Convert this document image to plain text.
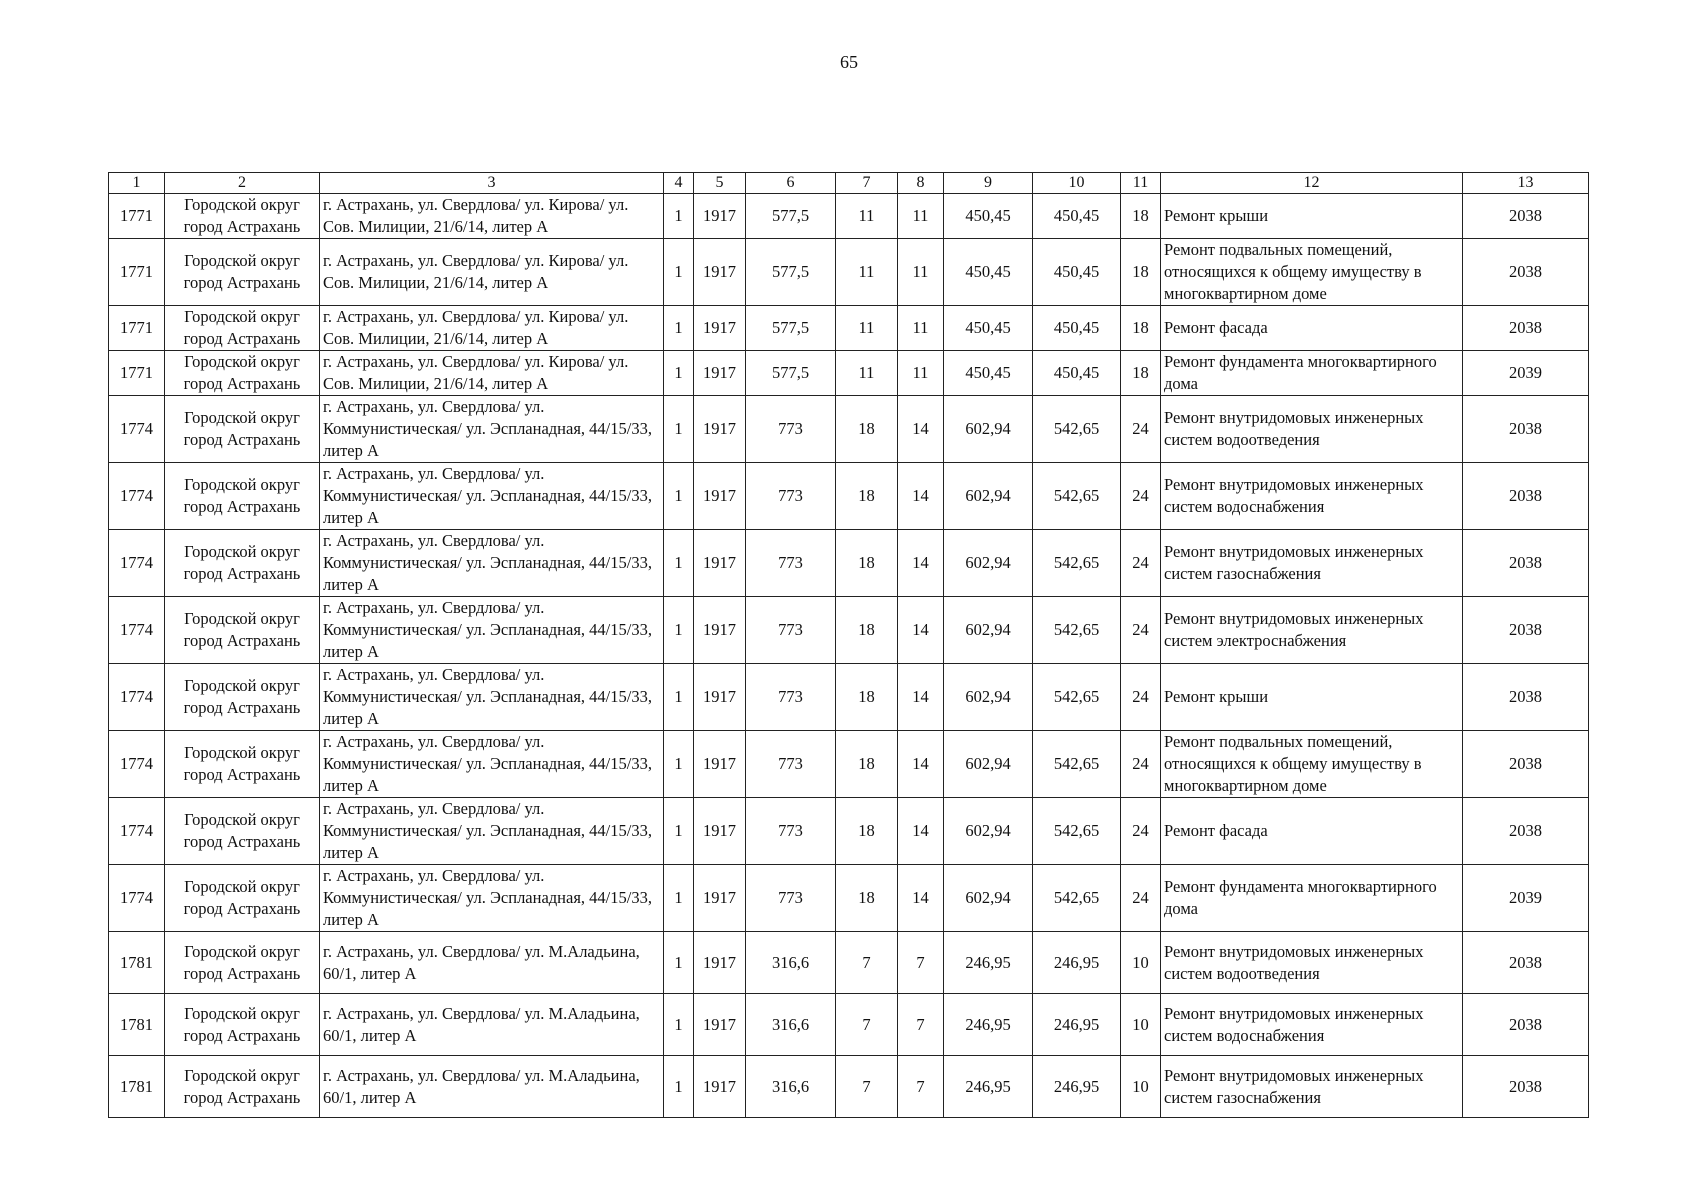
65
1	2	3	4	5	6	7	8	9	10	11	12	13
1771	Городской округ город Астрахань	г. Астрахань, ул. Свердлова/ ул. Кирова/ ул. Сов. Милиции, 21/6/14, литер А	1	1917	577,5	11	11	450,45	450,45	18	Ремонт крыши	2038
1771	Городской округ город Астрахань	г. Астрахань, ул. Свердлова/ ул. Кирова/ ул. Сов. Милиции, 21/6/14, литер А	1	1917	577,5	11	11	450,45	450,45	18	Ремонт подвальных помещений, относящихся к общему имуществу в многоквартирном доме	2038
1771	Городской округ город Астрахань	г. Астрахань, ул. Свердлова/ ул. Кирова/ ул. Сов. Милиции, 21/6/14, литер А	1	1917	577,5	11	11	450,45	450,45	18	Ремонт фасада	2038
1771	Городской округ город Астрахань	г. Астрахань, ул. Свердлова/ ул. Кирова/ ул. Сов. Милиции, 21/6/14, литер А	1	1917	577,5	11	11	450,45	450,45	18	Ремонт фундамента многоквартирного дома	2039
1774	Городской округ город Астрахань	г. Астрахань, ул. Свердлова/ ул. Коммунистическая/ ул. Эспланадная, 44/15/33, литер А	1	1917	773	18	14	602,94	542,65	24	Ремонт внутридомовых инженерных систем водоотведения	2038
1774	Городской округ город Астрахань	г. Астрахань, ул. Свердлова/ ул. Коммунистическая/ ул. Эспланадная, 44/15/33, литер А	1	1917	773	18	14	602,94	542,65	24	Ремонт внутридомовых инженерных систем водоснабжения	2038
1774	Городской округ город Астрахань	г. Астрахань, ул. Свердлова/ ул. Коммунистическая/ ул. Эспланадная, 44/15/33, литер А	1	1917	773	18	14	602,94	542,65	24	Ремонт внутридомовых инженерных систем газоснабжения	2038
1774	Городской округ город Астрахань	г. Астрахань, ул. Свердлова/ ул. Коммунистическая/ ул. Эспланадная, 44/15/33, литер А	1	1917	773	18	14	602,94	542,65	24	Ремонт внутридомовых инженерных систем электроснабжения	2038
1774	Городской округ город Астрахань	г. Астрахань, ул. Свердлова/ ул. Коммунистическая/ ул. Эспланадная, 44/15/33, литер А	1	1917	773	18	14	602,94	542,65	24	Ремонт крыши	2038
1774	Городской округ город Астрахань	г. Астрахань, ул. Свердлова/ ул. Коммунистическая/ ул. Эспланадная, 44/15/33, литер А	1	1917	773	18	14	602,94	542,65	24	Ремонт подвальных помещений, относящихся к общему имуществу в многоквартирном доме	2038
1774	Городской округ город Астрахань	г. Астрахань, ул. Свердлова/ ул. Коммунистическая/ ул. Эспланадная, 44/15/33, литер А	1	1917	773	18	14	602,94	542,65	24	Ремонт фасада	2038
1774	Городской округ город Астрахань	г. Астрахань, ул. Свердлова/ ул. Коммунистическая/ ул. Эспланадная, 44/15/33, литер А	1	1917	773	18	14	602,94	542,65	24	Ремонт фундамента многоквартирного дома	2039
1781	Городской округ город Астрахань	г. Астрахань, ул. Свердлова/ ул. М.Аладьина, 60/1, литер А	1	1917	316,6	7	7	246,95	246,95	10	Ремонт внутридомовых инженерных систем водоотведения	2038
1781	Городской округ город Астрахань	г. Астрахань, ул. Свердлова/ ул. М.Аладьина, 60/1, литер А	1	1917	316,6	7	7	246,95	246,95	10	Ремонт внутридомовых инженерных систем водоснабжения	2038
1781	Городской округ город Астрахань	г. Астрахань, ул. Свердлова/ ул. М.Аладьина, 60/1, литер А	1	1917	316,6	7	7	246,95	246,95	10	Ремонт внутридомовых инженерных систем газоснабжения	2038
